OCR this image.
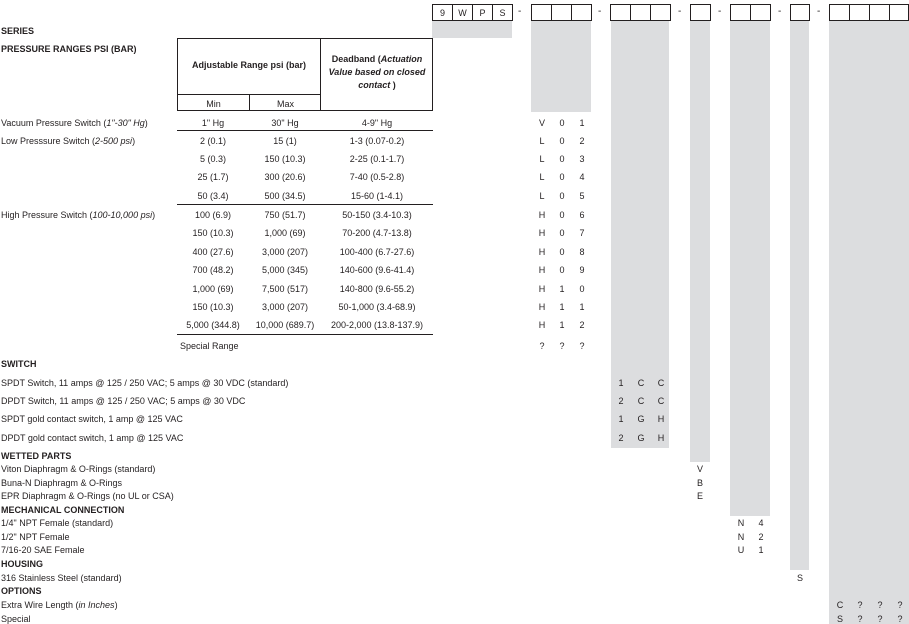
9	W	P	S	-	-	-	-	-	-
SERIES
PRESSURE RANGES PSI (BAR)
Adjustable Range psi (bar)
Deadband (Actuation Value based on closed contact )
Min	Max
Vacuum Pressure Switch (1"-30" Hg)	1" Hg	30" Hg	4-9" Hg	V	0	1
Low Presssure Switch (2-500 psi)	2 (0.1)	15 (1)	1-3 (0.07-0.2)	L	0	2
5 (0.3)	150 (10.3)	2-25 (0.1-1.7)	L	0	3
25 (1.7)	300 (20.6)	7-40 (0.5-2.8)	L	0	4
50 (3.4)	500 (34.5)	15-60 (1-4.1)	L	0	5
High Pressure Switch (100-10,000 psi)	100 (6.9)	750 (51.7)	50-150 (3.4-10.3)	H	0	6
150 (10.3)	1,000 (69)	70-200 (4.7-13.8)	H	0	7
400 (27.6)	3,000 (207)	100-400 (6.7-27.6)	H	0	8
700 (48.2)	5,000 (345)	140-600 (9.6-41.4)	H	0	9
1,000 (69)	7,500 (517)	140-800 (9.6-55.2)	H	1	0
150 (10.3)	3,000 (207)	50-1,000 (3.4-68.9)	H	1	1
5,000 (344.8)	10,000 (689.7)	200-2,000 (13.8-137.9)	H	1	2
Special Range	?	?	?
SWITCH
SPDT Switch, 11 amps @ 125 / 250 VAC; 5 amps @ 30 VDC (standard)	1	C	C
DPDT Switch, 11 amps @ 125 / 250 VAC; 5 amps @ 30 VDC	2	C	C
SPDT gold contact switch, 1 amp @ 125 VAC	1	G	H
DPDT gold contact switch, 1 amp @ 125 VAC	2	G	H
WETTED PARTS
Viton Diaphragm & O-Rings (standard)	V
Buna-N Diaphragm & O-Rings	B
EPR Diaphragm & O-Rings (no UL or CSA)	E
MECHANICAL CONNECTION
1/4" NPT Female (standard)	N	4
1/2" NPT Female	N	2
7/16-20 SAE Female	U	1
HOUSING
316 Stainless Steel (standard)	S
OPTIONS
Extra Wire Length (in Inches)	C	?	?	?
Special	S	?	?	?
